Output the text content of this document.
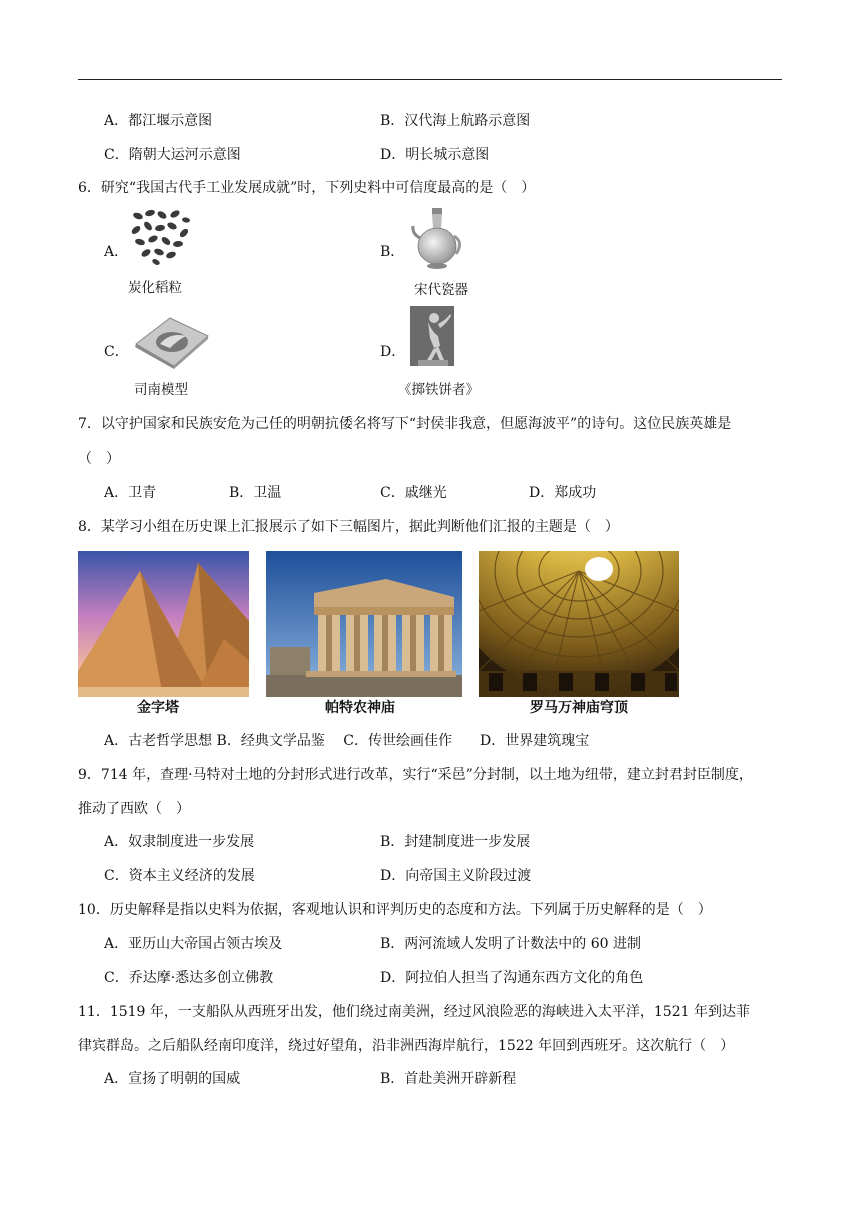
A．都江堰示意图	B．汉代海上航路示意图
C．隋朝大运河示意图	D．明长城示意图
6．研究“我国古代手工业发展成就”时，下列史料中可信度最高的是（　）
A．
炭化稻粒
B．
宋代瓷器
C．
司南模型
D．
《掷铁饼者》
7．以守护国家和民族安危为己任的明朝抗倭名将写下“封侯非我意，但愿海波平”的诗句。这位民族英雄是
（　）
A．卫青	B．卫温	C．戚继光	D．郑成功
8．某学习小组在历史课上汇报展示了如下三幅图片，据此判断他们汇报的主题是（　）
金字塔	帕特农神庙	罗马万神庙穹顶
A．古老哲学思想 B．经典文学品鉴　 C．传世绘画佳作　　D．世界建筑瑰宝
9．714 年，查理·马特对土地的分封形式进行改革，实行“采邑”分封制，以土地为纽带，建立封君封臣制度，
推动了西欧（　）
A．奴隶制度进一步发展	B．封建制度进一步发展
C．资本主义经济的发展	D．向帝国主义阶段过渡
10．历史解释是指以史料为依据，客观地认识和评判历史的态度和方法。下列属于历史解释的是（　）
A．亚历山大帝国占领古埃及	B．两河流域人发明了计数法中的 60 进制
C．乔达摩·悉达多创立佛教	D．阿拉伯人担当了沟通东西方文化的角色
11．1519 年，一支船队从西班牙出发，他们绕过南美洲，经过风浪险恶的海峡进入太平洋，1521 年到达菲
律宾群岛。之后船队经南印度洋，绕过好望角，沿非洲西海岸航行，1522 年回到西班牙。这次航行（　）
A．宣扬了明朝的国威	B．首赴美洲开辟新程
